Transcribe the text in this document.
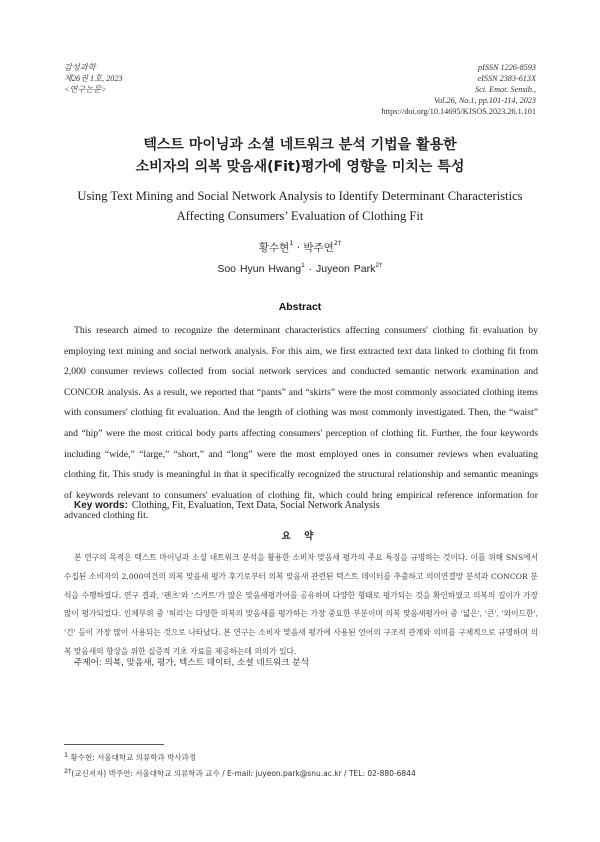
감성과학
제26권 1호, 2023
<연구논문>
pISSN 1226-8593
eISSN 2383-613X
Sci. Emot. Sensib.,
Vol.26, No.1, pp.101-114, 2023
https://doi.org/10.14695/KJSOS.2023.26.1.101
텍스트 마이닝과 소셜 네트워크 분석 기법을 활용한
소비자의 의복 맞음새(Fit)평가에 영향을 미치는 특성
Using Text Mining and Social Network Analysis to Identify Determinant Characteristics
Affecting Consumers’ Evaluation of Clothing Fit
황수현$^1$ · 박주연$^{2\dagger}$
Soo Hyun Hwang$^1$ · Juyeon Park$^{2\dagger}$
Abstract
This research aimed to recognize the determinant characteristics affecting consumers' clothing fit evaluation by employing text mining and social network analysis. For this aim, we first extracted text data linked to clothing fit from 2,000 consumer reviews collected from social network services and conducted semantic network examination and CONCOR analysis. As a result, we reported that “pants” and “skirts” were the most commonly associated clothing items with consumers' clothing fit evaluation. And the length of clothing was most commonly investigated. Then, the “waist” and “hip” were the most critical body parts affecting consumers' perception of clothing fit. Further, the four keywords including “wide,” “large,” “short,” and “long” were the most employed ones in consumer reviews when evaluating clothing fit. This study is meaningful in that it specifically recognized the structural relationship and semantic meanings of keywords relevant to consumers' evaluation of clothing fit, which could bring empirical reference information for advanced clothing fit.
Key words: Clothing, Fit, Evaluation, Text Data, Social Network Analysis
요 약
본 연구의 목적은 텍스트 마이닝과 소셜 네트워크 분석을 활용한 소비자 맞음새 평가의 주요 특징을 규명하는 것이다. 이를 위해 SNS에서 수집된 소비자의 2,000여건의 의복 맞음새 평가 후기로부터 의복 맞음새 관련된 텍스트 데이터를 추출하고 의미연결망 분석과 CONCOR 분석을 수행하였다. 연구 결과, '팬츠'와 '스커트'가 많은 맞음새평가어를 공유하며 다양한 형태로 평가되는 것을 확인하였고 의복의 길이가 가장 많이 평가되었다. 인체부위 중 '허리'는 다양한 의복의 맞음새를 평가하는 가장 중요한 부분이며 의복 맞음새평가어 중 '넓은', '큰', '와이드한', '긴' 등이 가장 많이 사용되는 것으로 나타났다. 본 연구는 소비자 맞음새 평가에 사용된 언어의 구조적 관계와 의미를 구체적으로 규명하며 의복 맞음새의 향상을 위한 실증적 기초 자료를 제공하는데 의의가 있다.
주제어: 의복, 맞음새, 평가, 텍스트 데이터, 소셜 네트워크 분석
$^1$ 황수현: 서울대학교 의류학과 박사과정
$^{2\dagger}$(교신저자) 박주연: 서울대학교 의류학과 교수 / E-mail: juyeon.park@snu.ac.kr / TEL: 02-880-6844
